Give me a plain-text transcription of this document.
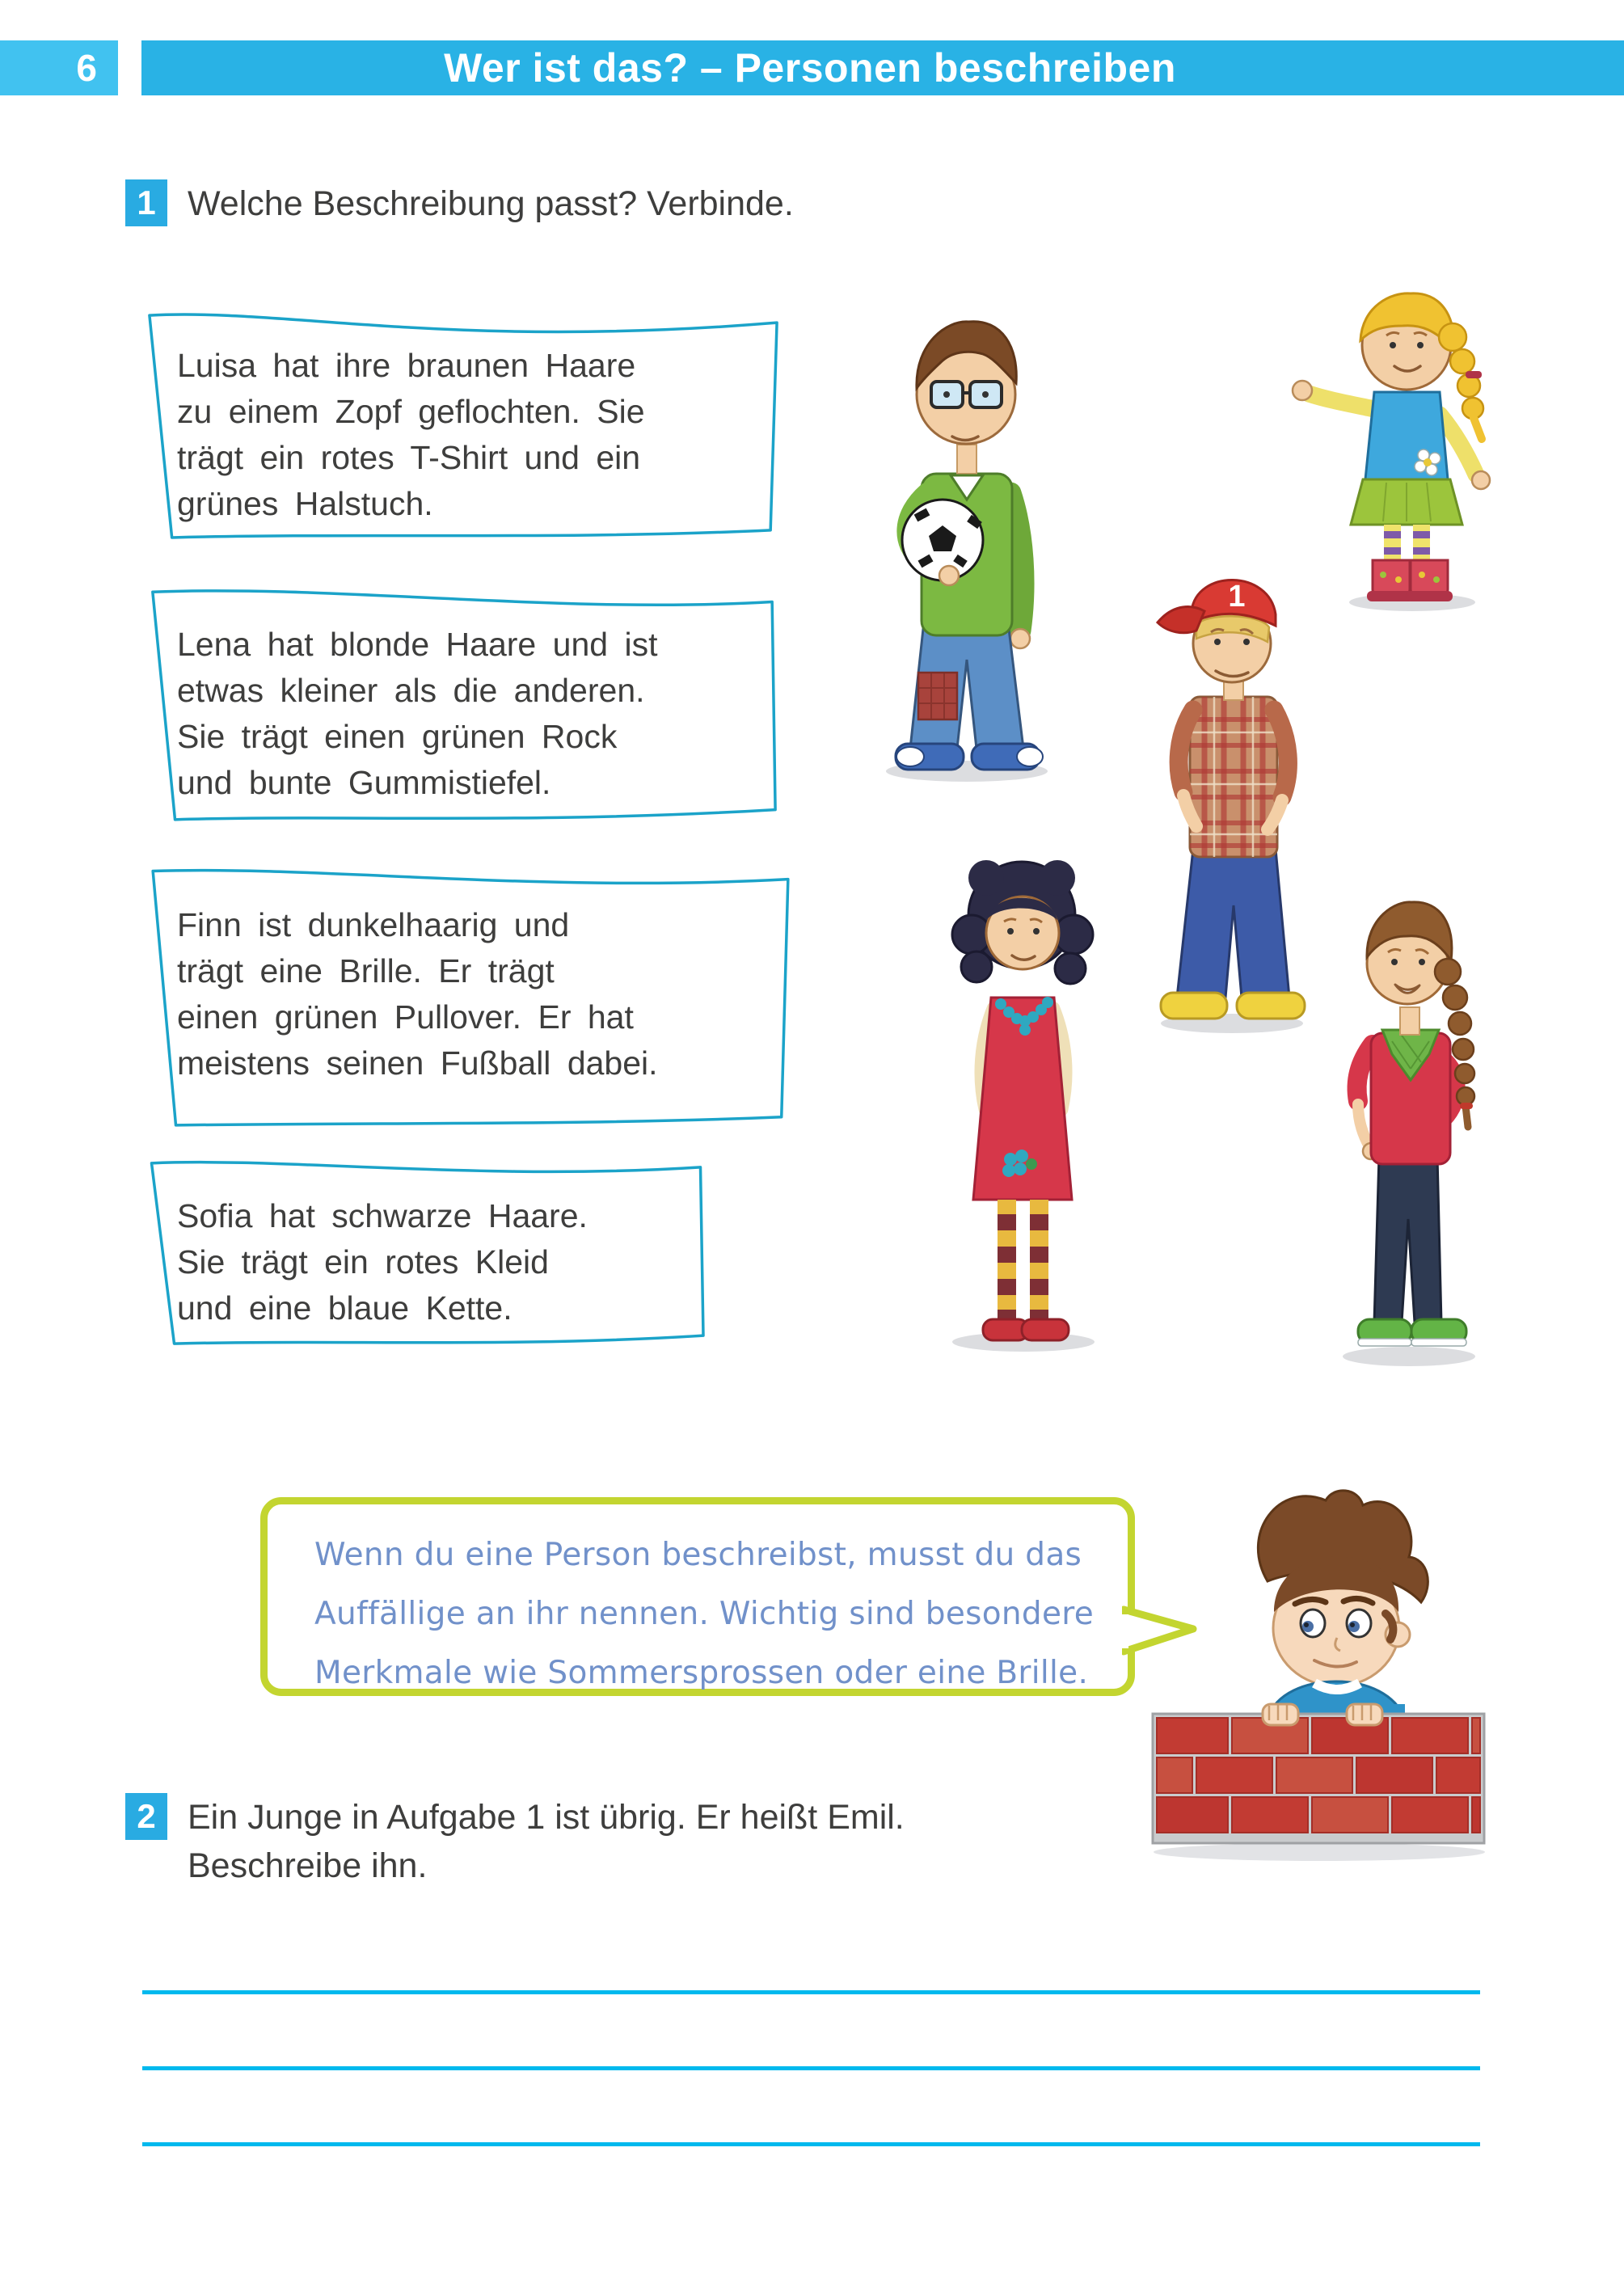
6	Wer ist das? – Personen beschreiben
1 Welche Beschreibung passt? Verbinde.
Luisa hat ihre braunen Haare
zu einem Zopf geflochten. Sie
trägt ein rotes T-Shirt und ein
grünes Halstuch.
Lena hat blonde Haare und ist
etwas kleiner als die anderen.
Sie trägt einen grünen Rock
und bunte Gummistiefel.
Finn ist dunkelhaarig und
trägt eine Brille. Er trägt
einen grünen Pullover. Er hat
meistens seinen Fußball dabei.
Sofia hat schwarze Haare.
Sie trägt ein rotes Kleid
und eine blaue Kette.
1
Wenn du eine Person beschreibst, musst du das
Auffällige an ihr nennen. Wichtig sind besondere
Merkmale wie Sommersprossen oder eine Brille.
2 Ein Junge in Aufgabe 1 ist übrig. Er heißt Emil.
Beschreibe ihn.
